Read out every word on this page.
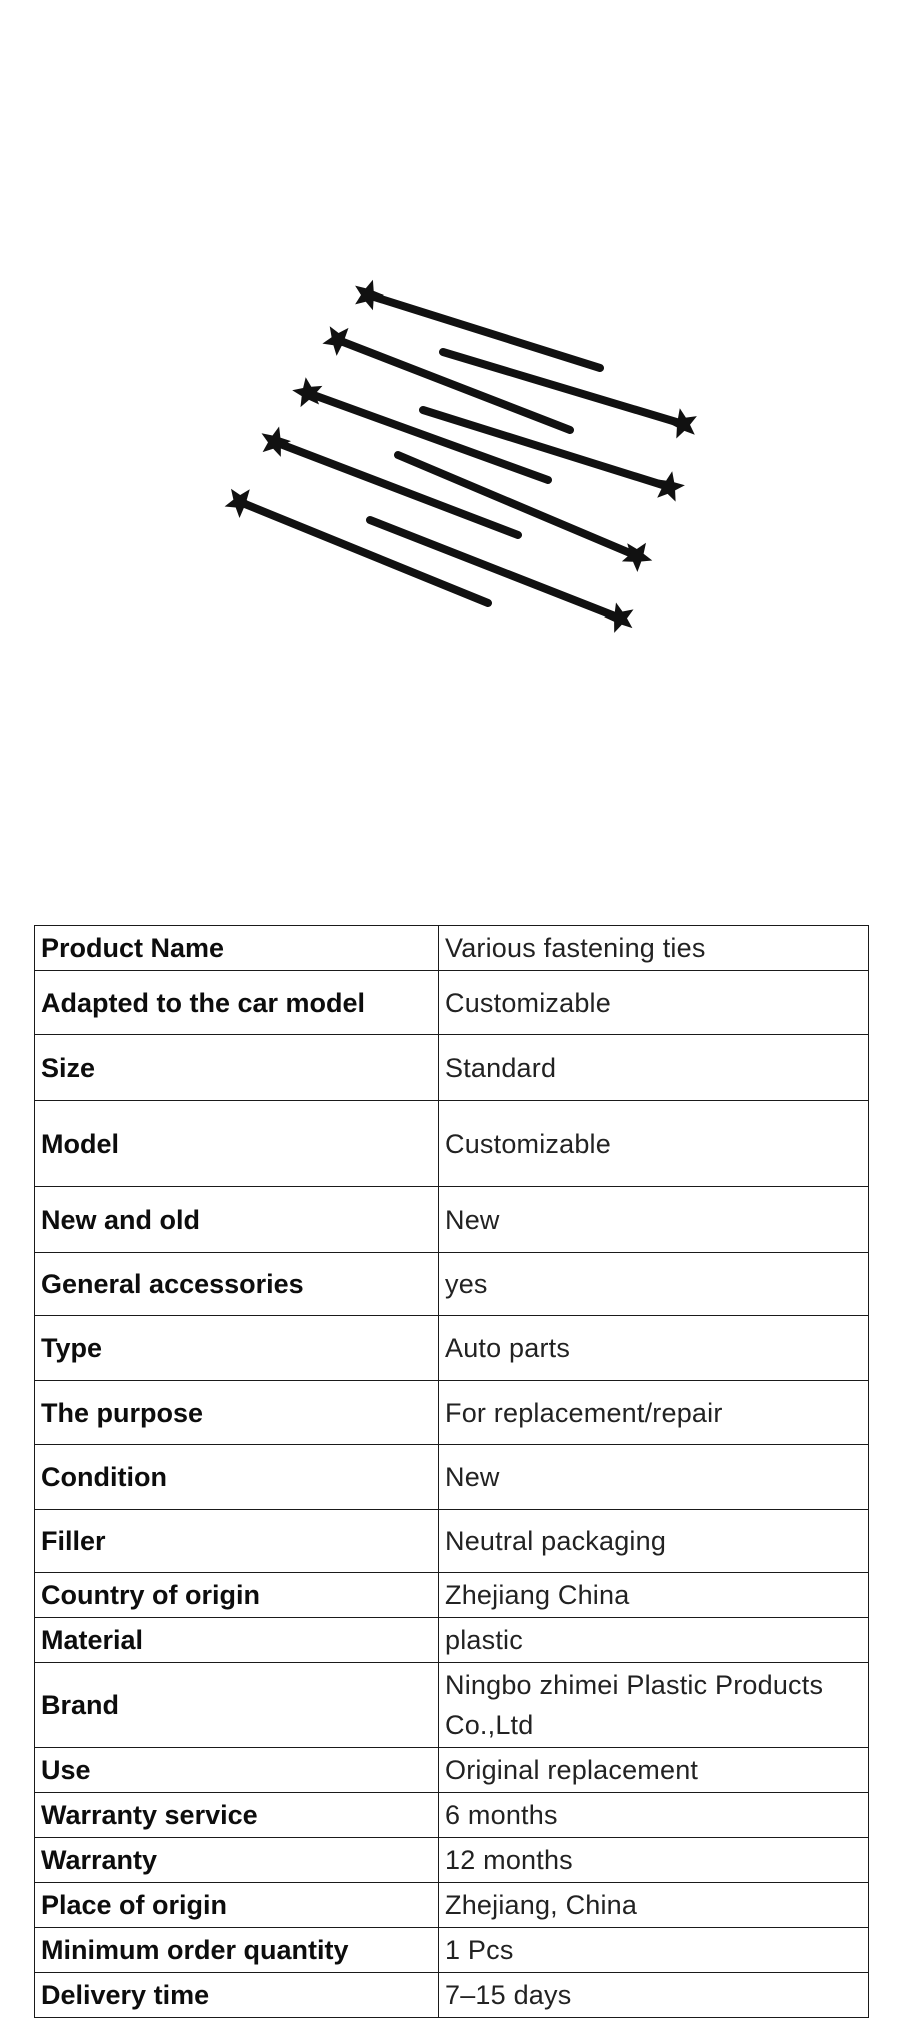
Product Name	Various fastening ties
Adapted to the car model	Customizable
Size	Standard
Model	Customizable
New and old	New
General accessories	yes
Type	Auto parts
The purpose	For replacement/repair
Condition	New
Filler	Neutral packaging
Country of origin	Zhejiang China
Material	plastic
Brand	Ningbo zhimei Plastic Products Co.,Ltd
Use	Original replacement
Warranty service	6 months
Warranty	12 months
Place of origin	Zhejiang, China
Minimum order quantity	1 Pcs
Delivery time	7–15 days
